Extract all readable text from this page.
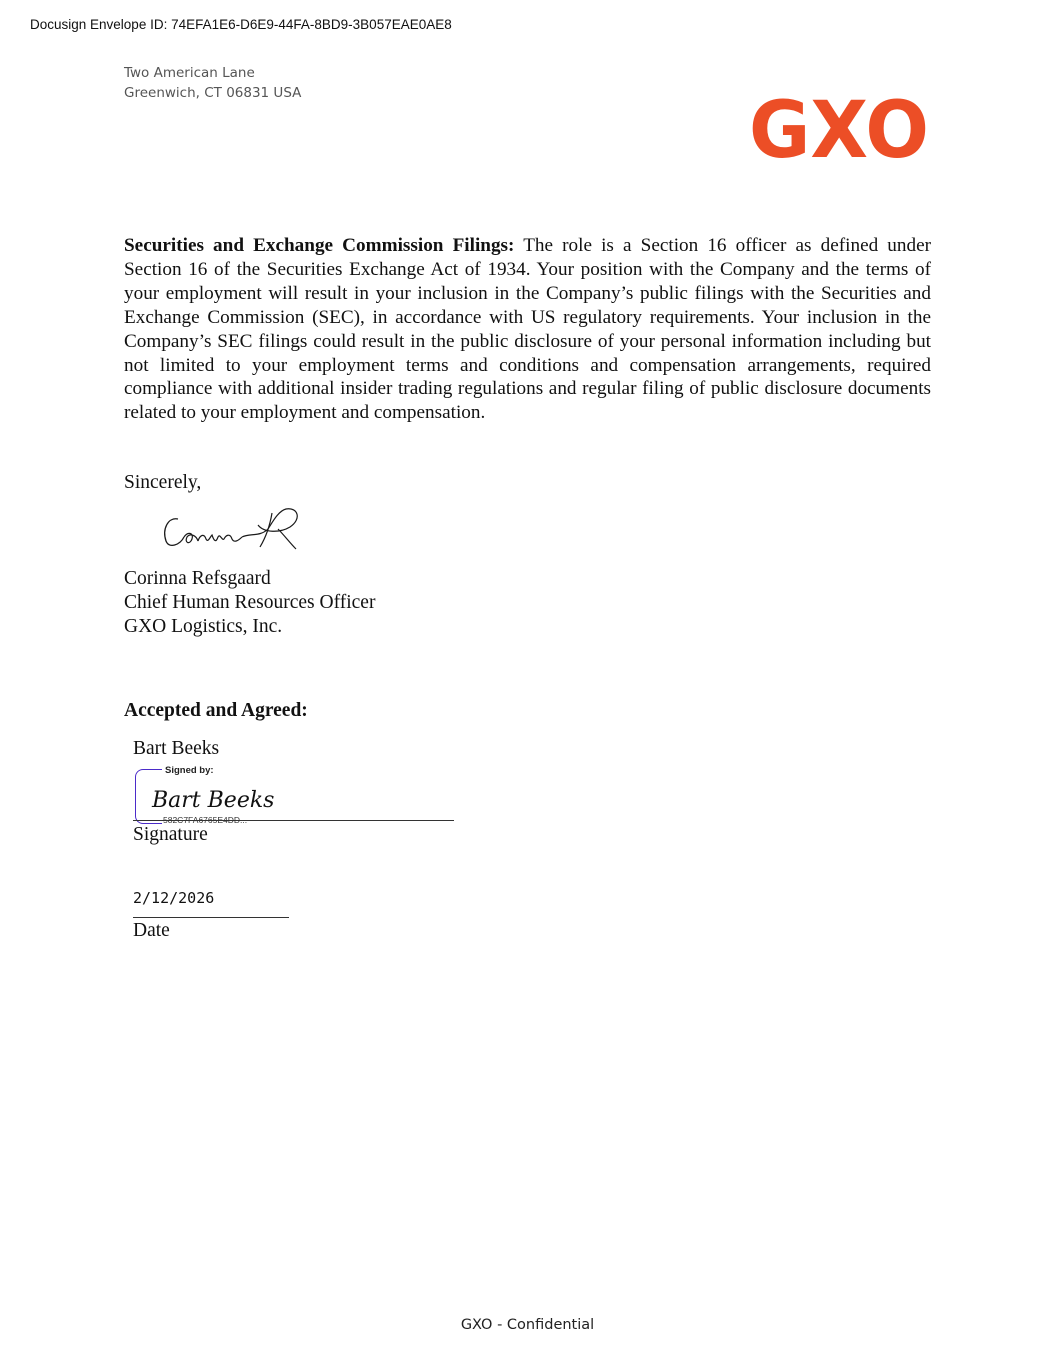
Docusign Envelope ID: 74EFA1E6-D6E9-44FA-8BD9-3B057EAE0AE8
Two American Lane
Greenwich, CT 06831 USA	GXO

Securities and Exchange Commission Filings: The role is a Section 16 officer as defined under Section 16 of the Securities Exchange Act of 1934. Your position with the Company and the terms of your employment will result in your inclusion in the Company’s public filings with the Securities and Exchange Commission (SEC), in accordance with US regulatory requirements. Your inclusion in the Company’s SEC filings could result in the public disclosure of your personal information including but not limited to your employment terms and conditions and compensation arrangements, required compliance with additional insider trading regulations and regular filing of public disclosure documents related to your employment and compensation.

Sincerely,
Corinna Refsgaard
Chief Human Resources Officer
GXO Logistics, Inc.
Accepted and Agreed:
Bart Beeks
Signed by:
Bart Beeks
582C7FA6765E4DD...
Signature
2/12/2026
Date
GXO - Confidential
